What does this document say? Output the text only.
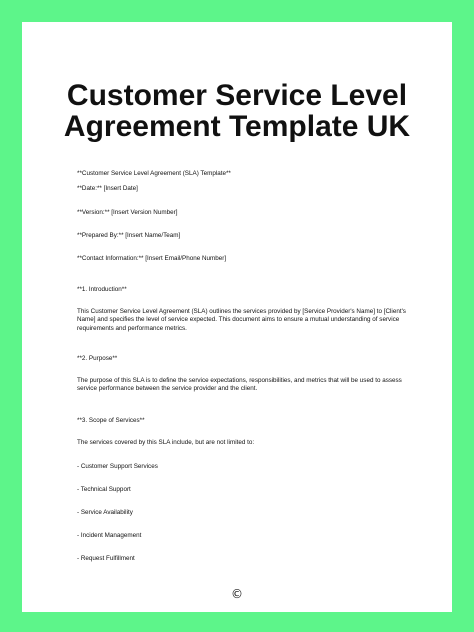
Customer Service Level Agreement Template UK

**Customer Service Level Agreement (SLA) Template**

**Date:** [Insert Date]

**Version:** [Insert Version Number]

**Prepared By:** [Insert Name/Team]

**Contact Information:** [Insert Email/Phone Number]

**1. Introduction**

This Customer Service Level Agreement (SLA) outlines the services provided by [Service Provider's Name] to [Client's Name] and specifies the level of service expected. This document aims to ensure a mutual understanding of service requirements and performance metrics.

**2. Purpose**

The purpose of this SLA is to define the service expectations, responsibilities, and metrics that will be used to assess service performance between the service provider and the client.

**3. Scope of Services**

The services covered by this SLA include, but are not limited to:

- Customer Support Services

- Technical Support

- Service Availability

- Incident Management

- Request Fulfillment

©
